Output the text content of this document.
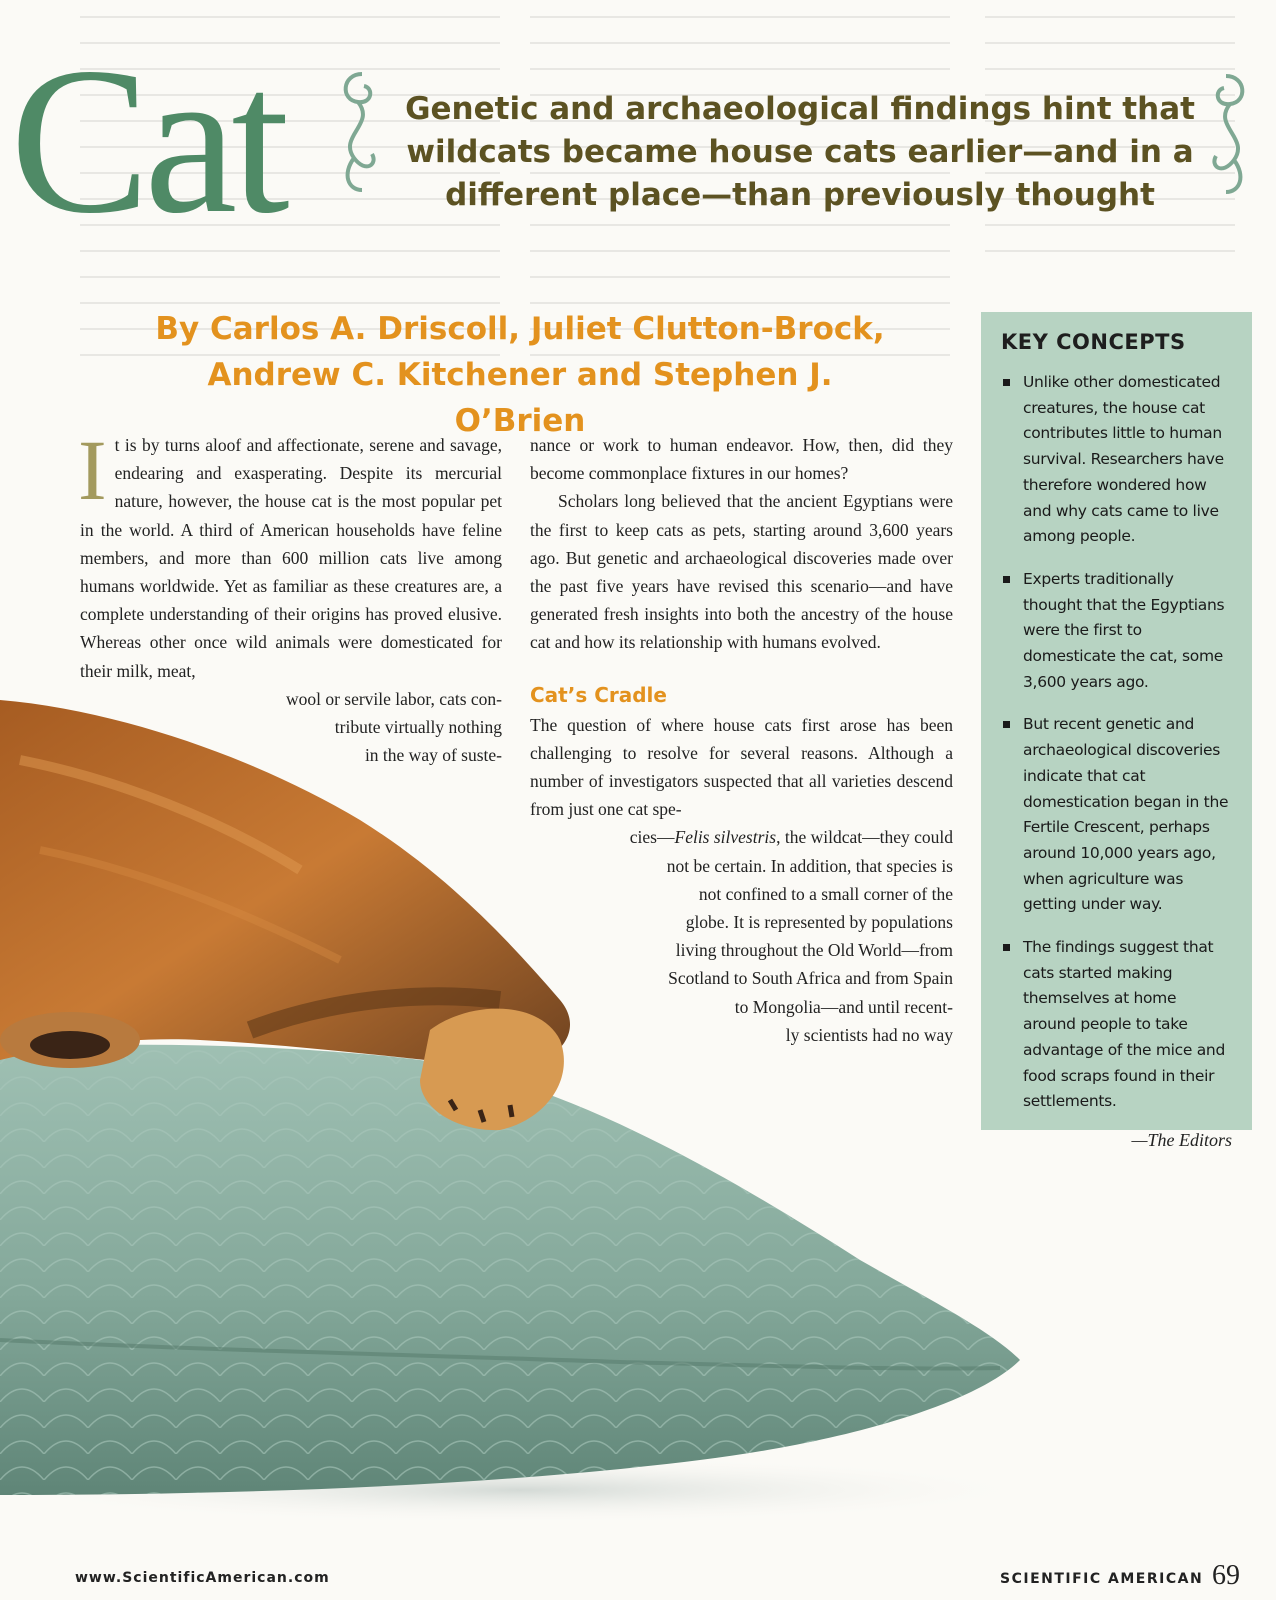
Cat	Genetic and archaeological findings hint that wildcats became house cats earlier—and in a different place—than previously thought
By Carlos A. Driscoll, Juliet Clutton-Brock,
Andrew C. Kitchener and Stephen J. O’Brien

It is by turns aloof and affectionate, serene and savage, endearing and exasperating. Despite its mercurial nature, however, the house cat is the most popular pet in the world. A third of American households have feline members, and more than 600 million cats live among humans worldwide. Yet as familiar as these creatures are, a complete understanding of their origins has proved elusive. Whereas other once wild animals were domesticated for their milk, meat,

wool or servile labor, cats con-
tribute virtually nothing
in the way of suste-

nance or work to human endeavor. How, then, did they become commonplace fixtures in our homes?

Scholars long believed that the ancient Egyptians were the first to keep cats as pets, starting around 3,600 years ago. But genetic and archaeological discoveries made over the past five years have revised this scenario—and have generated fresh insights into both the ancestry of the house cat and how its relationship with humans evolved.

Cat’s Cradle

The question of where house cats first arose has been challenging to resolve for several reasons. Although a number of investigators suspected that all varieties descend from just one cat spe-

cies—Felis silvestris, the wildcat—they could
not be certain. In addition, that species is
not confined to a small corner of the
globe. It is represented by populations
living throughout the Old World—from
Scotland to South Africa and from Spain
to Mongolia—and until recent-
ly scientists had no way
KEY CONCEPTS
Unlike other domesticated creatures, the house cat contributes little to human survival. Researchers have therefore wondered how and why cats came to live among people.
Experts traditionally thought that the Egyptians were the first to domesticate the cat, some 3,600 years ago.
But recent genetic and archaeological discoveries indicate that cat domestication began in the Fertile Crescent, perhaps around 10,000 years ago, when agriculture was getting under way.
The findings suggest that cats started making themselves at home around people to take advantage of the mice and food scraps found in their settlements.
—The Editors

www.ScientificAmerican.com	SCIENTIFIC AMERICAN 69
